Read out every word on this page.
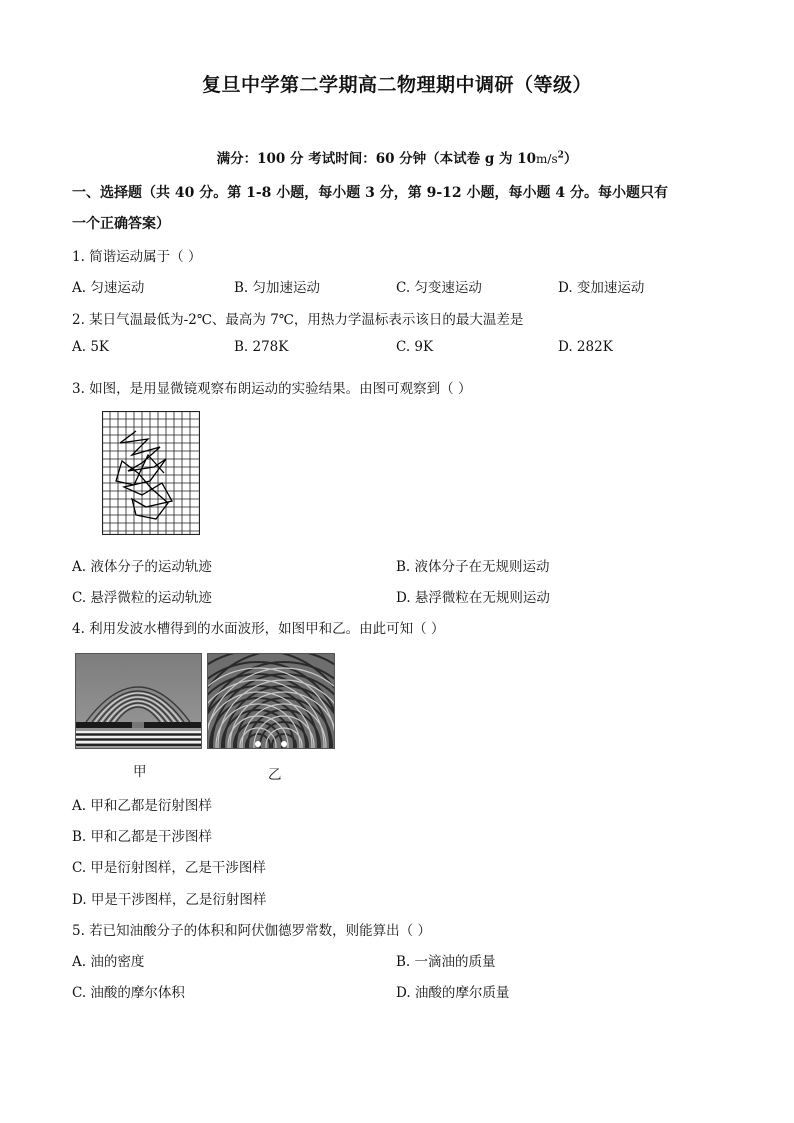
复旦中学第二学期高二物理期中调研（等级）
满分：100 分 考试时间：60 分钟（本试卷 g 为 $10m/s^2$）
一、选择题（共 40 分。第 1-8 小题，每小题 3 分，第 9-12 小题，每小题 4 分。每小题只有
一个正确答案）
1. 简谐运动属于（ ）
A. 匀速运动	B. 匀加速运动	C. 匀变速运动	D. 变加速运动
2. 某日气温最低为-2℃、最高为 7℃，用热力学温标表示该日的最大温差是
A. 5K	B. 278K	C. 9K	D. 282K
3. 如图，是用显微镜观察布朗运动的实验结果。由图可观察到（ ）
A. 液体分子的运动轨迹	B. 液体分子在无规则运动
C. 悬浮微粒的运动轨迹	D. 悬浮微粒在无规则运动
4. 利用发波水槽得到的水面波形，如图甲和乙。由此可知（ ）
甲	乙
A. 甲和乙都是衍射图样
B. 甲和乙都是干涉图样
C. 甲是衍射图样，乙是干涉图样
D. 甲是干涉图样，乙是衍射图样
5. 若已知油酸分子的体积和阿伏伽德罗常数，则能算出（ ）
A. 油的密度	B. 一滴油的质量
C. 油酸的摩尔体积	D. 油酸的摩尔质量
